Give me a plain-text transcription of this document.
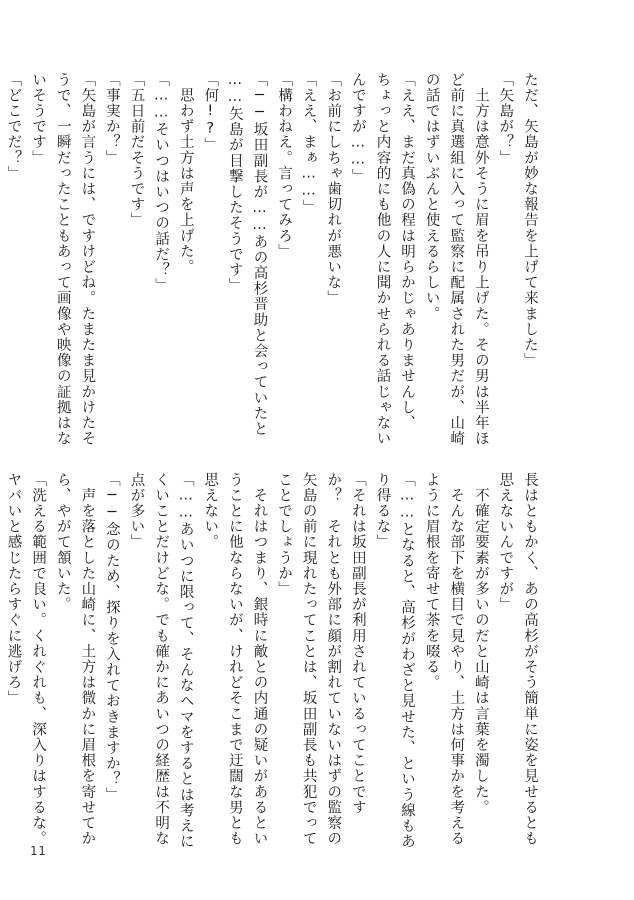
ただ、矢島が妙な報告を上げて来ました」

「矢島が？」

　土方は意外そうに眉を吊り上げた。その男は半年ほ

ど前に真選組に入って監察に配属された男だが、山崎

の話ではずいぶんと使えるらしい。

「ええ、まだ真偽の程は明らかじゃありませんし、

ちょっと内容的にも他の人に聞かせられる話じゃない

んですが……」

「お前にしちゃ歯切れが悪いな」

「ええ、まぁ……」

「構わねえ。言ってみろ」

「──坂田副長が……あの高杉晋助と会っていたと

……矢島が目撃したそうです」

「何!?」

　思わず土方は声を上げた。

「……そいつはいつの話だ？」

「五日前だそうです」

「事実か？」

「矢島が言うには、ですけどね。たまたま見かけたそ

うで、一瞬だったこともあって画像や映像の証拠はな

いそうです」

「どこでだ？」

長はともかく、あの高杉がそう簡単に姿を見せるとも

思えないんですが」

　不確定要素が多いのだと山崎は言葉を濁した。

　そんな部下を横目で見やり、土方は何事かを考える

ように眉根を寄せて茶を啜る。

「……となると、高杉がわざと見せた、という線もあ

り得るな」

「それは坂田副長が利用されているってことです

か？　それとも外部に顔が割れていないはずの監察の

矢島の前に現れたってことは、坂田副長も共犯でって

ことでしょうか」

　それはつまり、銀時に敵との内通の疑いがあるとい

うことに他ならないが、けれどそこまで迂闊な男とも

思えない。

「……あいつに限って、そんなヘマをするとは考えに

くいことだけどな。でも確かにあいつの経歴は不明な

点が多い」

「──念のため、探りを入れておきますか？」

　声を落とした山崎に、土方は微かに眉根を寄せてか

ら、やがて頷いた。

「洗える範囲で良い。くれぐれも、深入りはするな。

ヤバいと感じたらすぐに逃げろ」

11
